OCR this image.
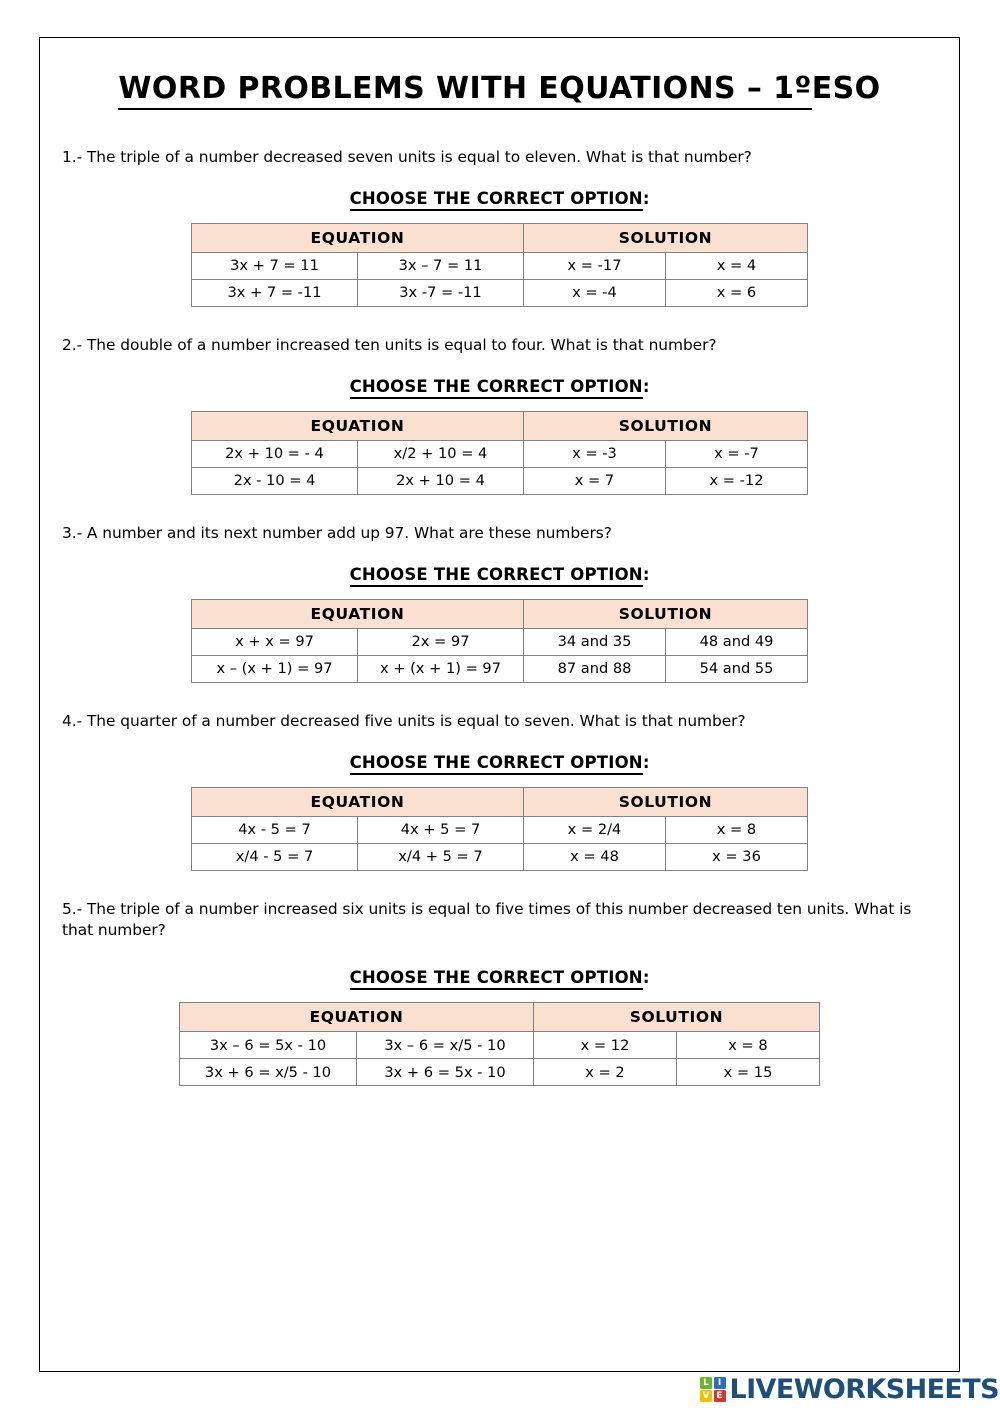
WORD PROBLEMS WITH EQUATIONS – 1ºESO

1.- The triple of a number decreased seven units is equal to eleven. What is that number?

CHOOSE THE CORRECT OPTION:
EQUATION		SOLUTION	
3x + 7 = 11	3x – 7 = 11	x = -17	x = 4
3x + 7 = -11	3x -7 = -11	x = -4	x = 6

2.- The double of a number increased ten units is equal to four. What is that number?

CHOOSE THE CORRECT OPTION:
EQUATION		SOLUTION	
2x + 10 = - 4	x/2 + 10 = 4	x = -3	x = -7
2x - 10 = 4	2x + 10 = 4	x = 7	x = -12

3.- A number and its next number add up 97. What are these numbers?

CHOOSE THE CORRECT OPTION:
EQUATION		SOLUTION	
x + x = 97	2x = 97	34 and 35	48 and 49
x – (x + 1) = 97	x + (x + 1) = 97	87 and 88	54 and 55

4.- The quarter of a number decreased five units is equal to seven. What is that number?

CHOOSE THE CORRECT OPTION:
EQUATION		SOLUTION	
4x - 5 = 7	4x + 5 = 7	x = 2/4	x = 8
x/4 - 5 = 7	x/4 + 5 = 7	x = 48	x = 36

5.- The triple of a number increased six units is equal to five times of this number decreased ten units. What is that number?

CHOOSE THE CORRECT OPTION:
EQUATION		SOLUTION	
3x – 6 = 5x - 10	3x – 6 = x/5 - 10	x = 12	x = 8
3x + 6 = x/5 - 10	3x + 6 = 5x - 10	x = 2	x = 15
L I
V E LIVEWORKSHEETS
